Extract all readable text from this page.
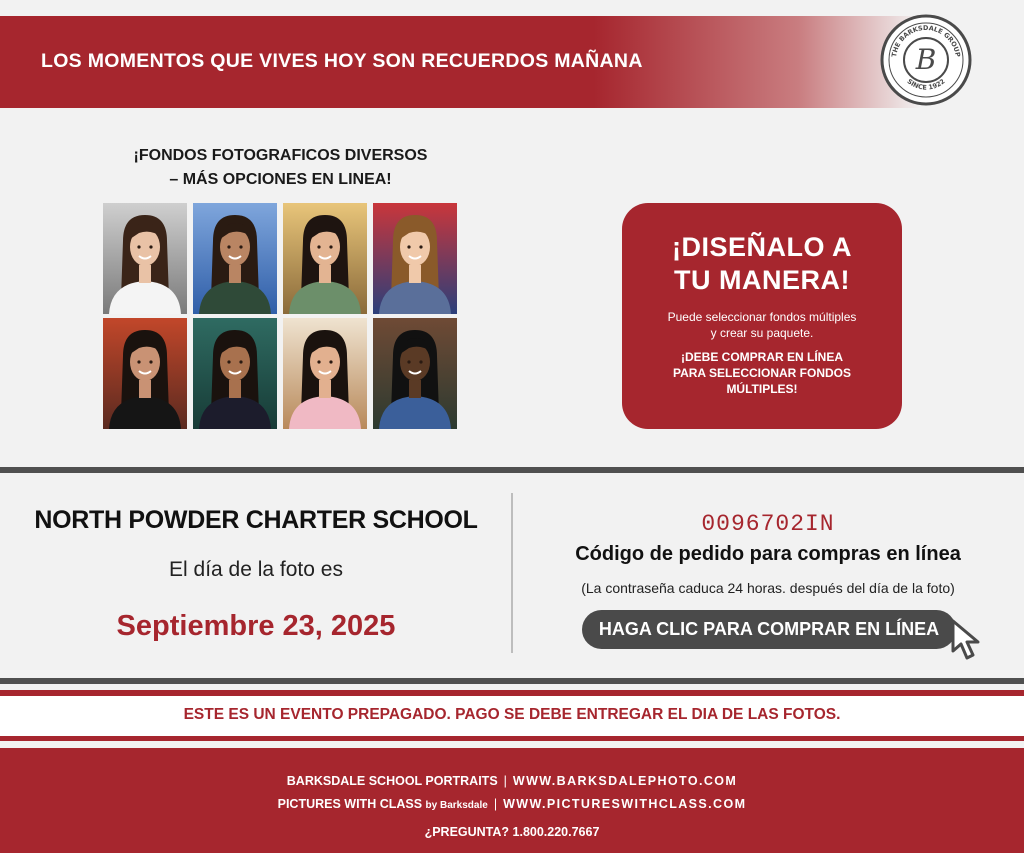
LOS MOMENTOS QUE VIVES HOY SON RECUERDOS MAÑANA	THE BARKSDALE GROUP
B
SINCE 1922
¡FONDOS FOTOGRAFICOS DIVERSOS
– MÁS OPCIONES EN LINEA!
¡DISEÑALO A
TU MANERA!
Puede seleccionar fondos múltiples
y crear su paquete.
¡DEBE COMPRAR EN LÍNEA
PARA SELECCIONAR FONDOS
MÚLTIPLES!
NORTH POWDER CHARTER SCHOOL
El día de la foto es
Septiembre 23, 2025
0096702IN
Código de pedido para compras en línea
(La contraseña caduca 24 horas. después del día de la foto)
HAGA CLIC PARA COMPRAR EN LÍNEA
ESTE ES UN EVENTO PREPAGADO. PAGO SE DEBE ENTREGAR EL DIA DE LAS FOTOS.
BARKSDALE SCHOOL PORTRAITS | WWW.BARKSDALEPHOTO.COM
PICTURES WITH CLASS by Barksdale | WWW.PICTURESWITHCLASS.COM
¿PREGUNTA? 1.800.220.7667
